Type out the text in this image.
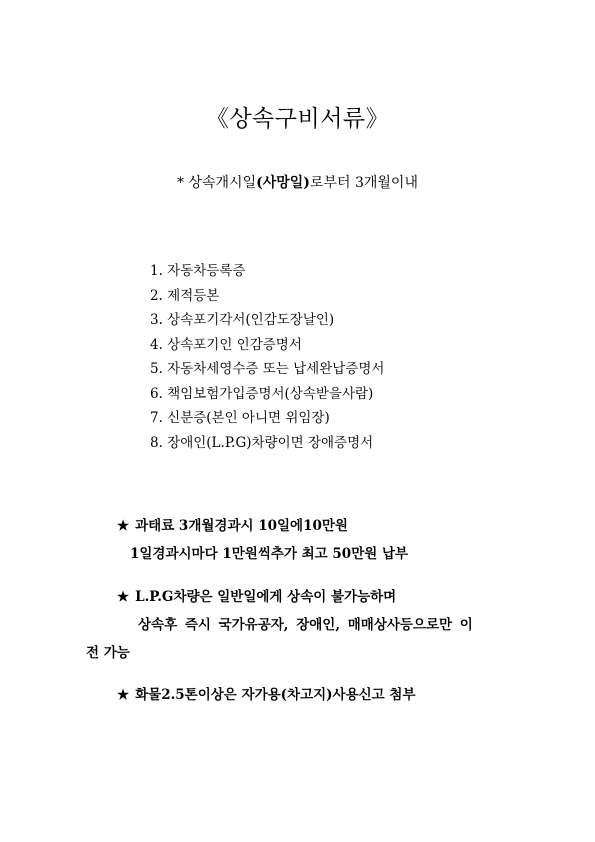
《상속구비서류》
* 상속개시일(사망일)로부터 3개월이내
1. 자동차등록증
2. 제적등본
3. 상속포기각서(인감도장날인)
4. 상속포기인 인감증명서
5. 자동차세영수증 또는 납세완납증명서
6. 책임보험가입증명서(상속받을사람)
7. 신분증(본인 아니면 위임장)
8. 장애인(L.P.G)차량이면 장애증명서
★ 과태료 3개월경과시 10일에10만원
1일경과시마다 1만원씩추가 최고 50만원 납부
★ L.P.G차량은 일반일에게 상속이 불가능하며
상속후 즉시 국가유공자, 장애인, 매매상사등으로만 이
전 가능
★ 화물2.5톤이상은 자가용(차고지)사용신고 첨부
